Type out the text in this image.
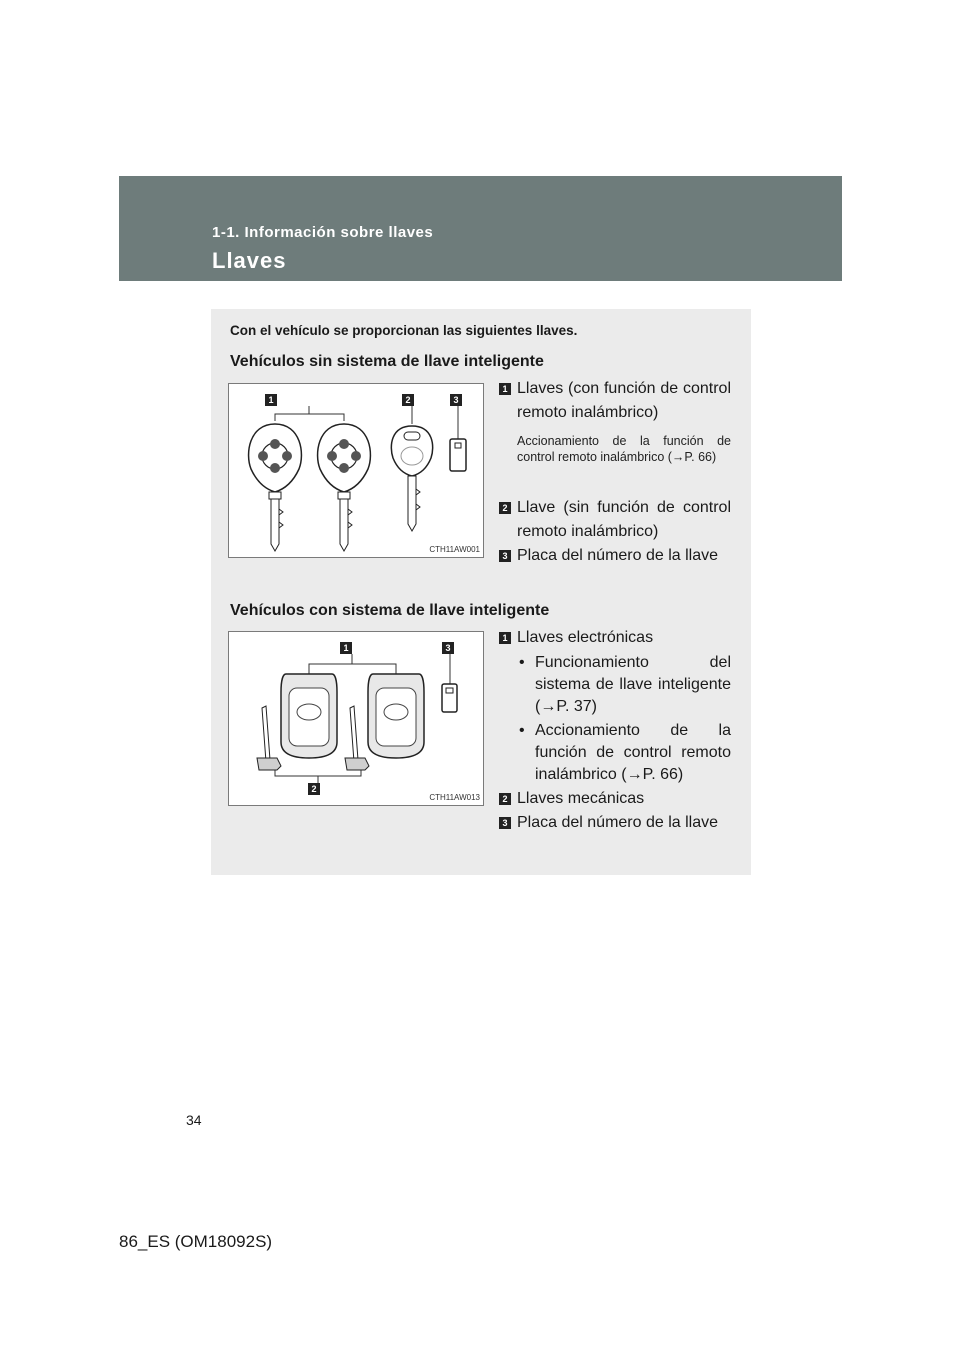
1-1. Información sobre llaves
Llaves
Con el vehículo se proporcionan las siguientes llaves.
Vehículos sin sistema de llave inteligente
1	2	3
CTH11AW001
1 Llaves (con función de control remoto inalámbrico)
Accionamiento de la función de control remoto inalámbrico (→P. 66)
2 Llave (sin función de control remoto inalámbrico)
3 Placa del número de la llave
Vehículos con sistema de llave inteligente
1	3
2
CTH11AW013
1 Llaves electrónicas
• Funcionamiento del sistema de llave inteligente (→P. 37)
• Accionamiento de la función de control remoto inalámbrico (→P. 66)
2 Llaves mecánicas
3 Placa del número de la llave
34
86_ES (OM18092S)
